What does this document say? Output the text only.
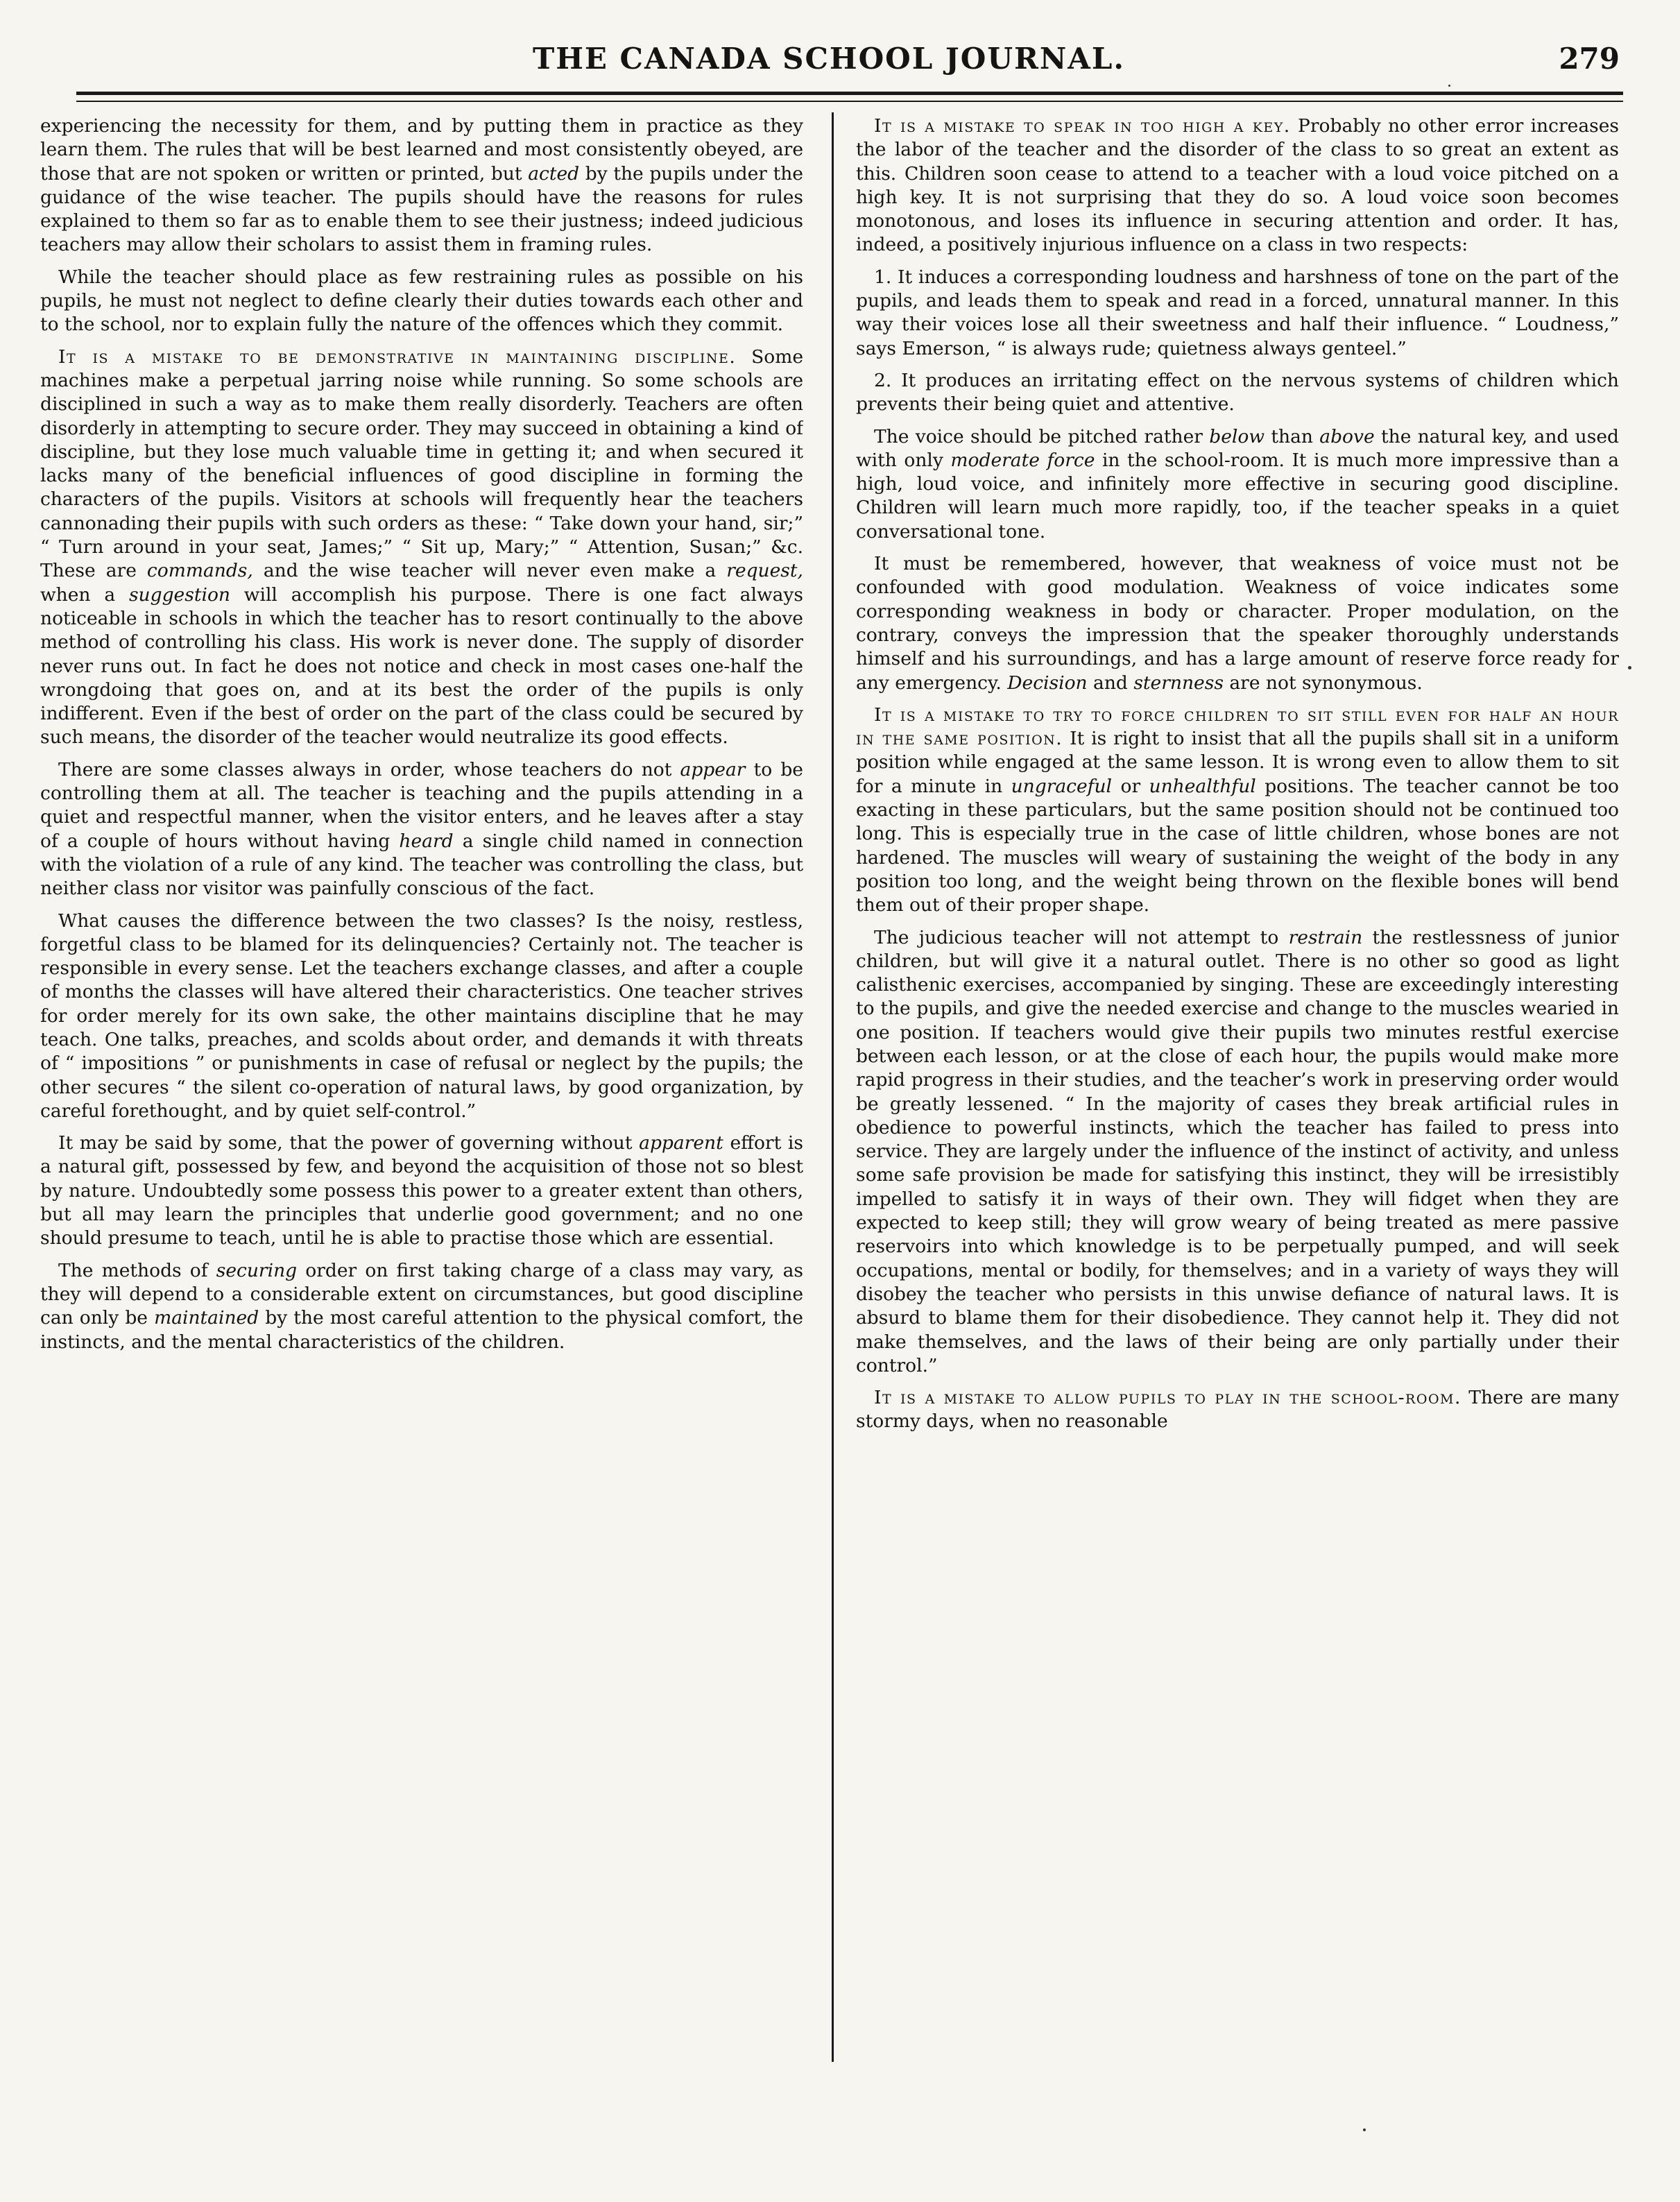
THE CANADA SCHOOL JOURNAL.	279

experiencing the necessity for them, and by putting them in practice as they learn them. The rules that will be best learned and most consistently obeyed, are those that are not spoken or written or printed, but acted by the pupils under the guidance of the wise teacher. The pupils should have the reasons for rules explained to them so far as to enable them to see their justness; indeed judicious teachers may allow their scholars to assist them in framing rules.

While the teacher should place as few restraining rules as possible on his pupils, he must not neglect to define clearly their duties towards each other and to the school, nor to explain fully the nature of the offences which they commit.

It is a mistake to be demonstrative in maintaining discipline. Some machines make a perpetual jarring noise while running. So some schools are disciplined in such a way as to make them really disorderly. Teachers are often disorderly in attempting to secure order. They may succeed in obtaining a kind of discipline, but they lose much valuable time in getting it; and when secured it lacks many of the beneficial influences of good discipline in forming the characters of the pupils. Visitors at schools will frequently hear the teachers cannonading their pupils with such orders as these: “ Take down your hand, sir;” “ Turn around in your seat, James;” “ Sit up, Mary;” “ Attention, Susan;” &c. These are commands, and the wise teacher will never even make a request, when a suggestion will accomplish his purpose. There is one fact always noticeable in schools in which the teacher has to resort continually to the above method of controlling his class. His work is never done. The supply of disorder never runs out. In fact he does not notice and check in most cases one-half the wrongdoing that goes on, and at its best the order of the pupils is only indifferent. Even if the best of order on the part of the class could be secured by such means, the disorder of the teacher would neutralize its good effects.

There are some classes always in order, whose teachers do not appear to be controlling them at all. The teacher is teaching and the pupils attending in a quiet and respectful manner, when the visitor enters, and he leaves after a stay of a couple of hours without having heard a single child named in connection with the violation of a rule of any kind. The teacher was controlling the class, but neither class nor visitor was painfully conscious of the fact.

What causes the difference between the two classes? Is the noisy, restless, forgetful class to be blamed for its delinquencies? Certainly not. The teacher is responsible in every sense. Let the teachers exchange classes, and after a couple of months the classes will have altered their characteristics. One teacher strives for order merely for its own sake, the other maintains discipline that he may teach. One talks, preaches, and scolds about order, and demands it with threats of “ impositions ” or punishments in case of refusal or neglect by the pupils; the other secures “ the silent co-operation of natural laws, by good organization, by careful forethought, and by quiet self-control.”

It may be said by some, that the power of governing without apparent effort is a natural gift, possessed by few, and beyond the acquisition of those not so blest by nature. Undoubtedly some possess this power to a greater extent than others, but all may learn the principles that underlie good government; and no one should presume to teach, until he is able to practise those which are essential.

The methods of securing order on first taking charge of a class may vary, as they will depend to a considerable extent on circumstances, but good discipline can only be maintained by the most careful attention to the physical comfort, the instincts, and the mental characteristics of the children.

It is a mistake to speak in too high a key. Probably no other error increases the labor of the teacher and the disorder of the class to so great an extent as this. Children soon cease to attend to a teacher with a loud voice pitched on a high key. It is not surprising that they do so. A loud voice soon becomes monotonous, and loses its influence in securing attention and order. It has, indeed, a positively injurious influence on a class in two respects:

1. It induces a corresponding loudness and harshness of tone on the part of the pupils, and leads them to speak and read in a forced, unnatural manner. In this way their voices lose all their sweetness and half their influence. “ Loudness,” says Emerson, “ is always rude; quietness always genteel.”

2. It produces an irritating effect on the nervous systems of children which prevents their being quiet and attentive.

The voice should be pitched rather below than above the natural key, and used with only moderate force in the school-room. It is much more impressive than a high, loud voice, and infinitely more effective in securing good discipline. Children will learn much more rapidly, too, if the teacher speaks in a quiet conversational tone.

It must be remembered, however, that weakness of voice must not be confounded with good modulation. Weakness of voice indicates some corresponding weakness in body or character. Proper modulation, on the contrary, conveys the impression that the speaker thoroughly understands himself and his surroundings, and has a large amount of reserve force ready for any emergency. Decision and sternness are not synonymous.

It is a mistake to try to force children to sit still even for half an hour in the same position. It is right to insist that all the pupils shall sit in a uniform position while engaged at the same lesson. It is wrong even to allow them to sit for a minute in ungraceful or unhealthful positions. The teacher cannot be too exacting in these particulars, but the same position should not be continued too long. This is especially true in the case of little children, whose bones are not hardened. The muscles will weary of sustaining the weight of the body in any position too long, and the weight being thrown on the flexible bones will bend them out of their proper shape.

The judicious teacher will not attempt to restrain the restlessness of junior children, but will give it a natural outlet. There is no other so good as light calisthenic exercises, accompanied by singing. These are exceedingly interesting to the pupils, and give the needed exercise and change to the muscles wearied in one position. If teachers would give their pupils two minutes restful exercise between each lesson, or at the close of each hour, the pupils would make more rapid progress in their studies, and the teacher’s work in preserving order would be greatly lessened. “ In the majority of cases they break artificial rules in obedience to powerful instincts, which the teacher has failed to press into service. They are largely under the influence of the instinct of activity, and unless some safe provision be made for satisfying this instinct, they will be irresistibly impelled to satisfy it in ways of their own. They will fidget when they are expected to keep still; they will grow weary of being treated as mere passive reservoirs into which knowledge is to be perpetually pumped, and will seek occupations, mental or bodily, for themselves; and in a variety of ways they will disobey the teacher who persists in this unwise defiance of natural laws. It is absurd to blame them for their disobedience. They cannot help it. They did not make themselves, and the laws of their being are only partially under their control.”

It is a mistake to allow pupils to play in the school-room. There are many stormy days, when no reasonable
